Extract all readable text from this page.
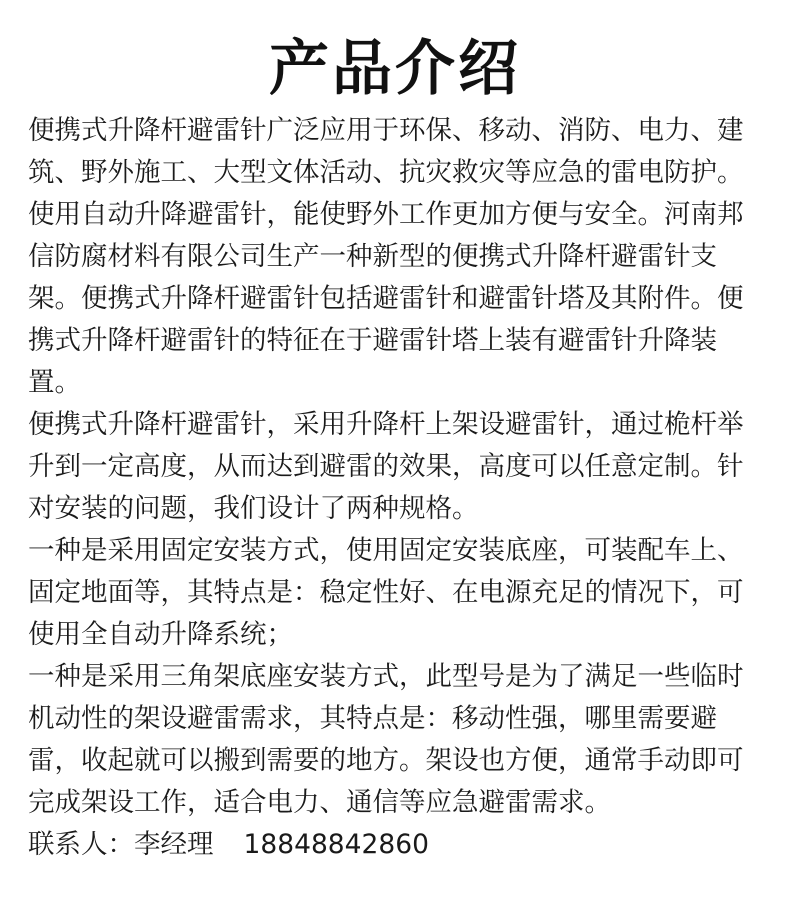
产品介绍

便携式升降杆避雷针广泛应用于环保、移动、消防、电力、建筑、野外施工、大型文体活动、抗灾救灾等应急的雷电防护。使用自动升降避雷针，能使野外工作更加方便与安全。河南邦信防腐材料有限公司生产一种新型的便携式升降杆避雷针支架。便携式升降杆避雷针包括避雷针和避雷针塔及其附件。便携式升降杆避雷针的特征在于避雷针塔上装有避雷针升降装置。

便携式升降杆避雷针，采用升降杆上架设避雷针，通过桅杆举升到一定高度，从而达到避雷的效果，高度可以任意定制。针对安装的问题，我们设计了两种规格。

一种是采用固定安装方式，使用固定安装底座，可装配车上、固定地面等，其特点是：稳定性好、在电源充足的情况下，可使用全自动升降系统；

一种是采用三角架底座安装方式，此型号是为了满足一些临时机动性的架设避雷需求，其特点是：移动性强，哪里需要避雷，收起就可以搬到需要的地方。架设也方便，通常手动即可完成架设工作，适合电力、通信等应急避雷需求。

联系人：李经理 18848842860
